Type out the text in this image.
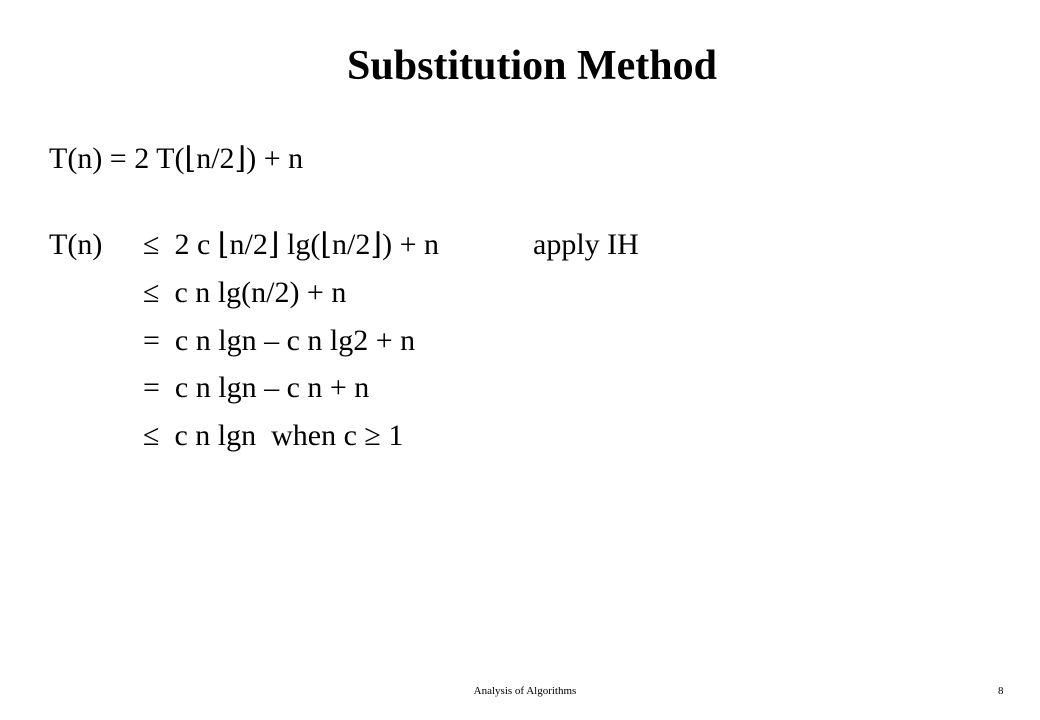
Substitution Method
T(n) = 2 T(⌊n/2⌋) + n
T(n) ≤  2 c ⌊n/2⌋ lg(⌊n/2⌋) + n	apply IH
≤  c n lg(n/2) + n
=  c n lgn – c n lg2 + n
=  c n lgn – c n + n
≤  c n lgn  when c ≥ 1
Analysis of Algorithms	8
